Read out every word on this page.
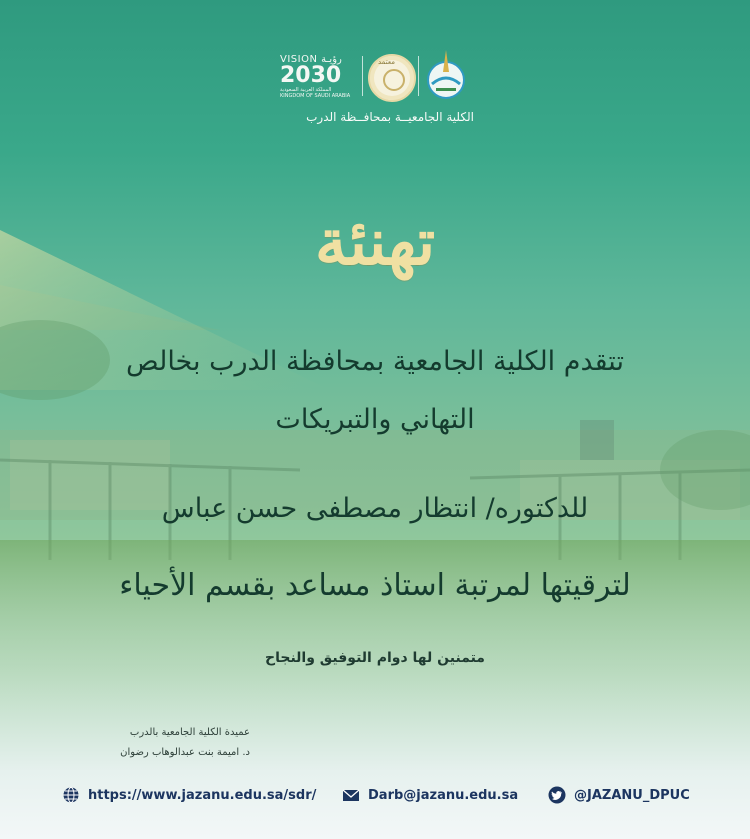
VISION رؤيـة
2030
المملكة العربية السعودية
KINGDOM OF SAUDI ARABIA
معتمد
الكلية الجامعيــة بمحافــظة الدرب
تهنئة
تتقدم الكلية الجامعية بمحافظة الدرب بخالص
التهاني والتبريكات
للدكتوره/ انتظار مصطفى حسن عباس
لترقيتها لمرتبة استاذ مساعد بقسم الأحياء
متمنين لها دوام التوفيق والنجاح
عميدة الكلية الجامعية بالدرب
د. اميمة بنت عبدالوهاب رضوان
https://www.jazanu.edu.sa/sdr/	Darb@jazanu.edu.sa	@JAZANU_DPUC
